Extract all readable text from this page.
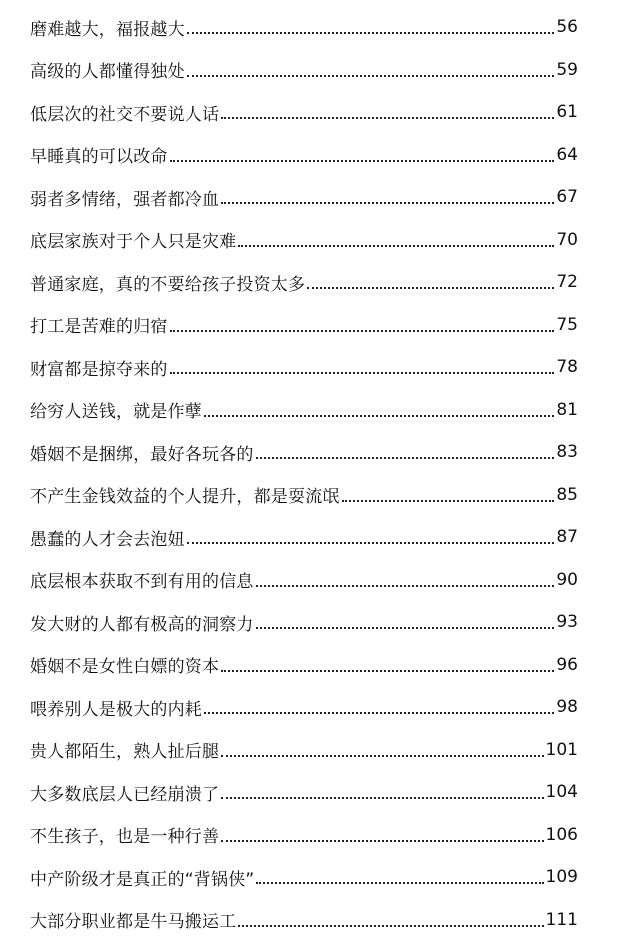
磨难越大，福报越大	56
高级的人都懂得独处	59
低层次的社交不要说人话	61
早睡真的可以改命	64
弱者多情绪，强者都冷血	67
底层家族对于个人只是灾难	70
普通家庭，真的不要给孩子投资太多	72
打工是苦难的归宿	75
财富都是掠夺来的	78
给穷人送钱，就是作孽	81
婚姻不是捆绑，最好各玩各的	83
不产生金钱效益的个人提升，都是耍流氓	85
愚蠢的人才会去泡妞	87
底层根本获取不到有用的信息	90
发大财的人都有极高的洞察力	93
婚姻不是女性白嫖的资本	96
喂养别人是极大的内耗	98
贵人都陌生，熟人扯后腿	101
大多数底层人已经崩溃了	104
不生孩子，也是一种行善	106
中产阶级才是真正的“背锅侠”	109
大部分职业都是牛马搬运工	111
